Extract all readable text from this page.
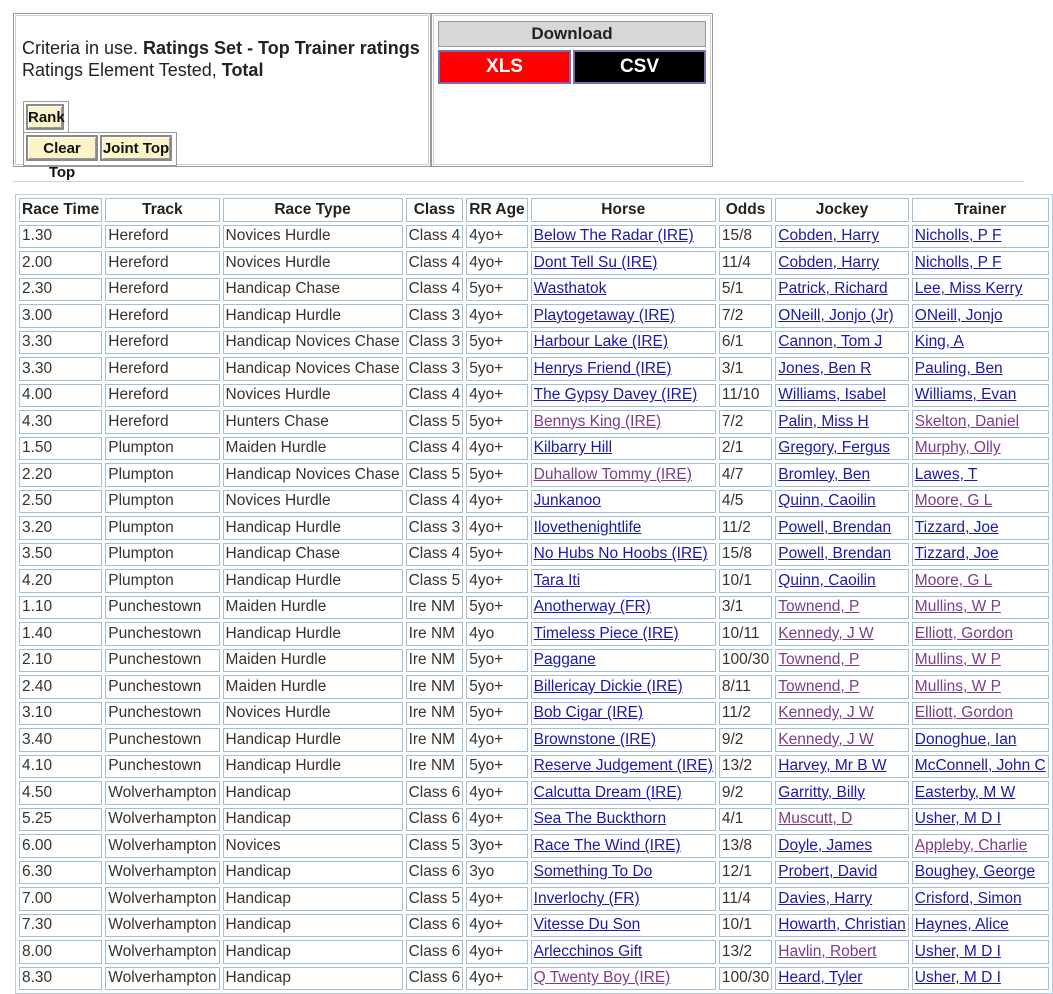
Criteria in use. Ratings Set - Top Trainer ratings
Ratings Element Tested, Total
Rank
Clear Top
Joint Top
Download
XLS	CSV
Race Time	Track	Race Type	Class	RR Age	Horse	Odds	Jockey	Trainer
1.30	Hereford	Novices Hurdle	Class 4	4yo+	Below The Radar (IRE)	15/8	Cobden, Harry	Nicholls, P F
2.00	Hereford	Novices Hurdle	Class 4	4yo+	Dont Tell Su (IRE)	11/4	Cobden, Harry	Nicholls, P F
2.30	Hereford	Handicap Chase	Class 4	5yo+	Wasthatok	5/1	Patrick, Richard	Lee, Miss Kerry
3.00	Hereford	Handicap Hurdle	Class 3	4yo+	Playtogetaway (IRE)	7/2	ONeill, Jonjo (Jr)	ONeill, Jonjo
3.30	Hereford	Handicap Novices Chase	Class 3	5yo+	Harbour Lake (IRE)	6/1	Cannon, Tom J	King, A
3.30	Hereford	Handicap Novices Chase	Class 3	5yo+	Henrys Friend (IRE)	3/1	Jones, Ben R	Pauling, Ben
4.00	Hereford	Novices Hurdle	Class 4	4yo+	The Gypsy Davey (IRE)	11/10	Williams, Isabel	Williams, Evan
4.30	Hereford	Hunters Chase	Class 5	5yo+	Bennys King (IRE)	7/2	Palin, Miss H	Skelton, Daniel
1.50	Plumpton	Maiden Hurdle	Class 4	4yo+	Kilbarry Hill	2/1	Gregory, Fergus	Murphy, Olly
2.20	Plumpton	Handicap Novices Chase	Class 5	5yo+	Duhallow Tommy (IRE)	4/7	Bromley, Ben	Lawes, T
2.50	Plumpton	Novices Hurdle	Class 4	4yo+	Junkanoo	4/5	Quinn, Caoilin	Moore, G L
3.20	Plumpton	Handicap Hurdle	Class 3	4yo+	Ilovethenightlife	11/2	Powell, Brendan	Tizzard, Joe
3.50	Plumpton	Handicap Chase	Class 4	5yo+	No Hubs No Hoobs (IRE)	15/8	Powell, Brendan	Tizzard, Joe
4.20	Plumpton	Handicap Hurdle	Class 5	4yo+	Tara Iti	10/1	Quinn, Caoilin	Moore, G L
1.10	Punchestown	Maiden Hurdle	Ire NM	5yo+	Anotherway (FR)	3/1	Townend, P	Mullins, W P
1.40	Punchestown	Handicap Hurdle	Ire NM	4yo	Timeless Piece (IRE)	10/11	Kennedy, J W	Elliott, Gordon
2.10	Punchestown	Maiden Hurdle	Ire NM	5yo+	Paggane	100/30	Townend, P	Mullins, W P
2.40	Punchestown	Maiden Hurdle	Ire NM	5yo+	Billericay Dickie (IRE)	8/11	Townend, P	Mullins, W P
3.10	Punchestown	Novices Hurdle	Ire NM	5yo+	Bob Cigar (IRE)	11/2	Kennedy, J W	Elliott, Gordon
3.40	Punchestown	Handicap Hurdle	Ire NM	4yo+	Brownstone (IRE)	9/2	Kennedy, J W	Donoghue, Ian
4.10	Punchestown	Handicap Hurdle	Ire NM	5yo+	Reserve Judgement (IRE)	13/2	Harvey, Mr B W	McConnell, John C
4.50	Wolverhampton	Handicap	Class 6	4yo+	Calcutta Dream (IRE)	9/2	Garritty, Billy	Easterby, M W
5.25	Wolverhampton	Handicap	Class 6	4yo+	Sea The Buckthorn	4/1	Muscutt, D	Usher, M D I
6.00	Wolverhampton	Novices	Class 5	3yo+	Race The Wind (IRE)	13/8	Doyle, James	Appleby, Charlie
6.30	Wolverhampton	Handicap	Class 6	3yo	Something To Do	12/1	Probert, David	Boughey, George
7.00	Wolverhampton	Handicap	Class 5	4yo+	Inverlochy (FR)	11/4	Davies, Harry	Crisford, Simon
7.30	Wolverhampton	Handicap	Class 6	4yo+	Vitesse Du Son	10/1	Howarth, Christian	Haynes, Alice
8.00	Wolverhampton	Handicap	Class 6	4yo+	Arlecchinos Gift	13/2	Havlin, Robert	Usher, M D I
8.30	Wolverhampton	Handicap	Class 6	4yo+	Q Twenty Boy (IRE)	100/30	Heard, Tyler	Usher, M D I
